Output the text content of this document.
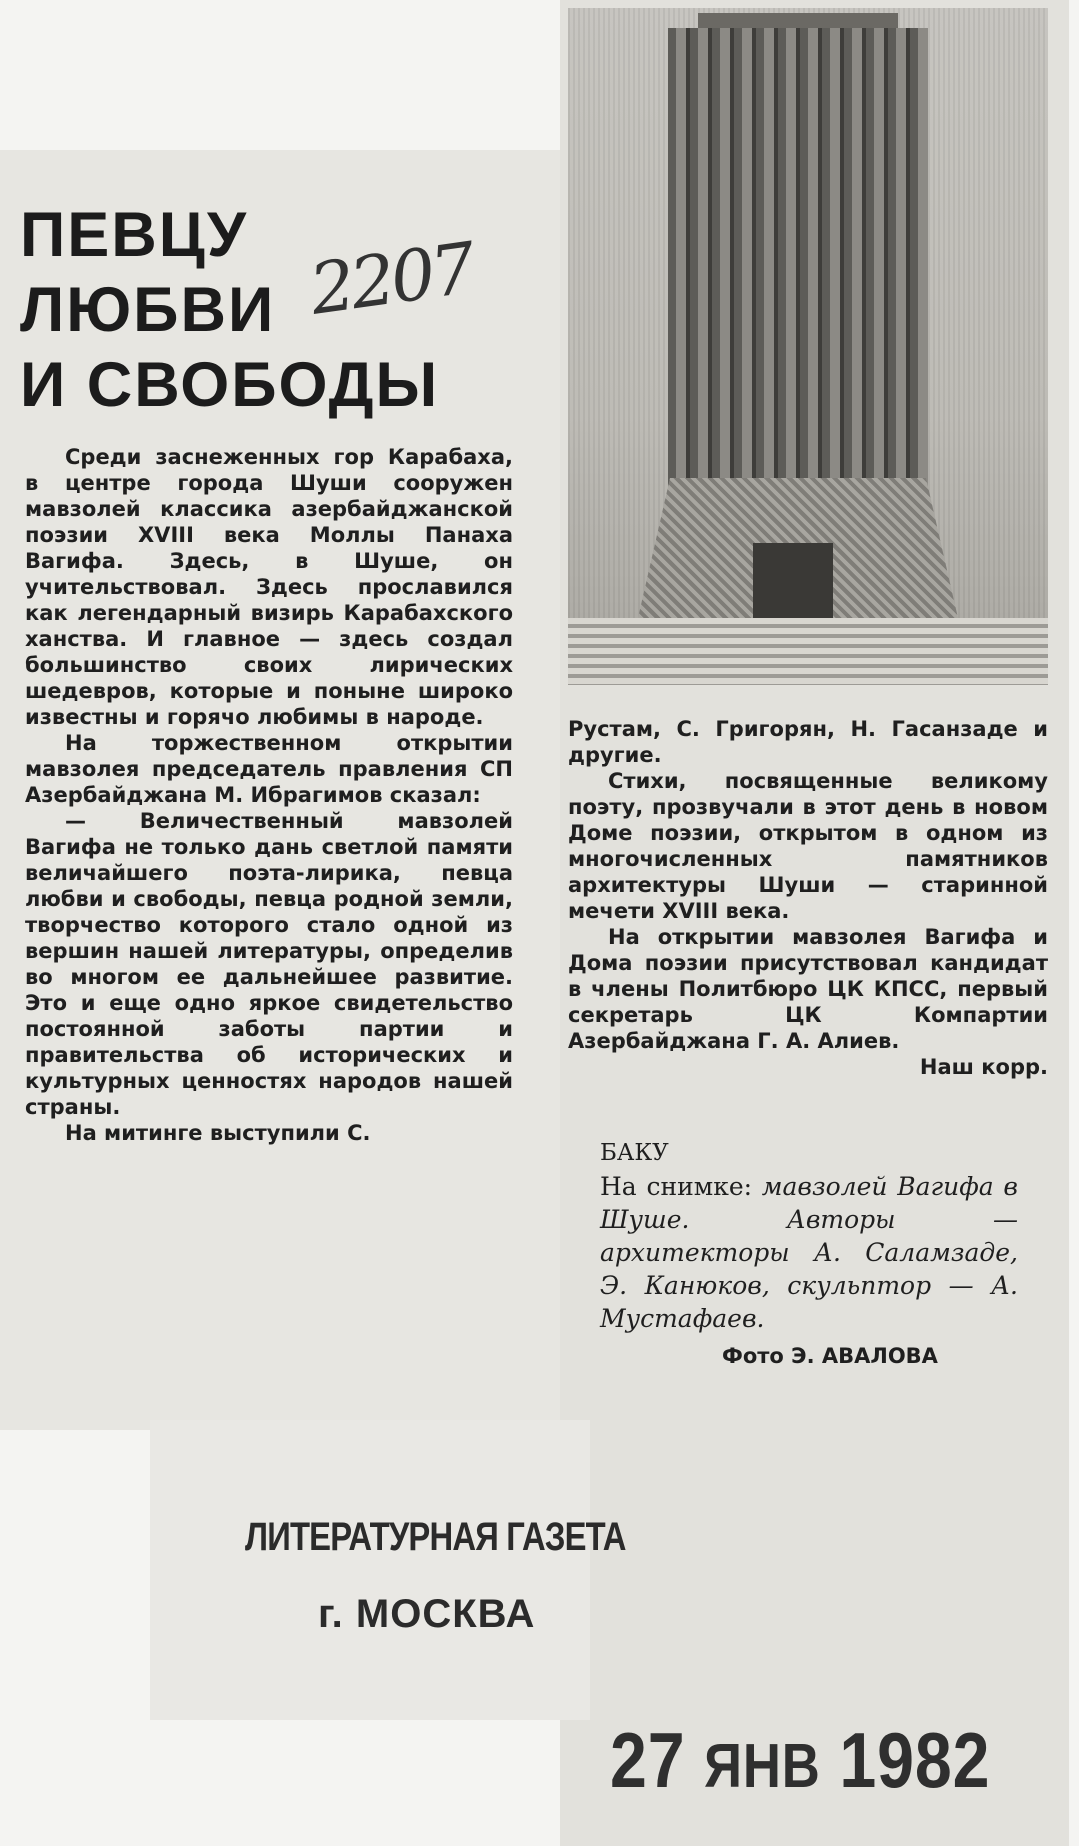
ПЕВЦУ
ЛЮБВИ
И СВОБОДЫ
2207

Среди заснеженных гор Карабаха, в центре города Шуши сооружен мавзолей классика азербайджанской поэзии XVIII века Моллы Панаха Вагифа. Здесь, в Шуше, он учительствовал. Здесь прославился как легендарный визирь Карабахского ханства. И главное — здесь создал большинство своих лирических шедевров, которые и поныне широко известны и горячо любимы в народе.

На торжественном открытии мавзолея председатель правления СП Азербайджана М. Ибрагимов сказал:

— Величественный мавзолей Вагифа не только дань светлой памяти величайшего поэта-лирика, певца любви и свободы, певца родной земли, творчество которого стало одной из вершин нашей литературы, определив во многом ее дальнейшее развитие. Это и еще одно яркое свидетельство постоянной заботы партии и правительства об исторических и культурных ценностях народов нашей страны.

На митинге выступили С.

Рустам, С. Григорян, Н. Гасанзаде и другие.

Стихи, посвященные великому поэту, прозвучали в этот день в новом Доме поэзии, открытом в одном из многочисленных памятников архитектуры Шуши — старинной мечети XVIII века.

На открытии мавзолея Вагифа и Дома поэзии присутствовал кандидат в члены Политбюро ЦК КПСС, первый секретарь ЦК Компартии Азербайджана Г. А. Алиев.

Наш корр.

БАКУ
На снимке: мавзолей Вагифа в Шуше. Авторы — архитекторы А. Саламзаде, Э. Канюков, скульптор — А. Мустафаев.
Фото Э. АВАЛОВА
ЛИТЕРАТУРНАЯ ГАЗЕТА
г. МОСКВА
27 ЯНВ 1982
